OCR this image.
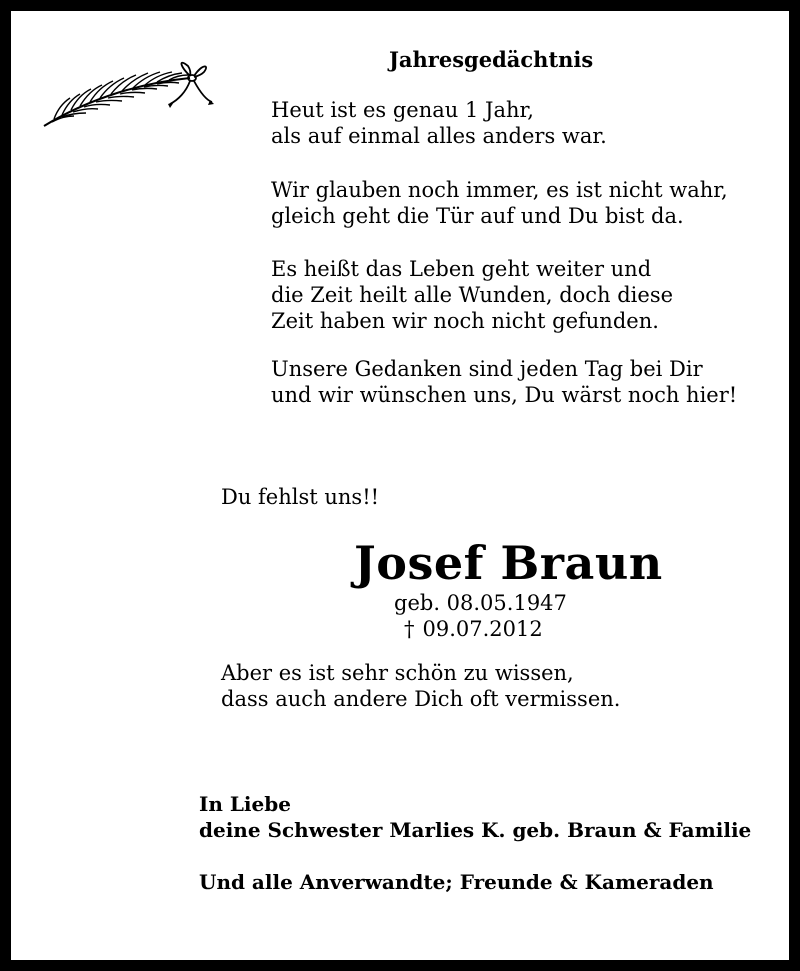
Jahresgedächtnis
Heut ist es genau 1 Jahr,
als auf einmal alles anders war.
Wir glauben noch immer, es ist nicht wahr,
gleich geht die Tür auf und Du bist da.
Es heißt das Leben geht weiter und
die Zeit heilt alle Wunden, doch diese
Zeit haben wir noch nicht gefunden.
Unsere Gedanken sind jeden Tag bei Dir
und wir wünschen uns, Du wärst noch hier!
Du fehlst uns!!
Josef Braun
geb. 08.05.1947
† 09.07.2012
Aber es ist sehr schön zu wissen,
dass auch andere Dich oft vermissen.
In Liebe
deine Schwester Marlies K. geb. Braun & Familie
Und alle Anverwandte; Freunde & Kameraden
